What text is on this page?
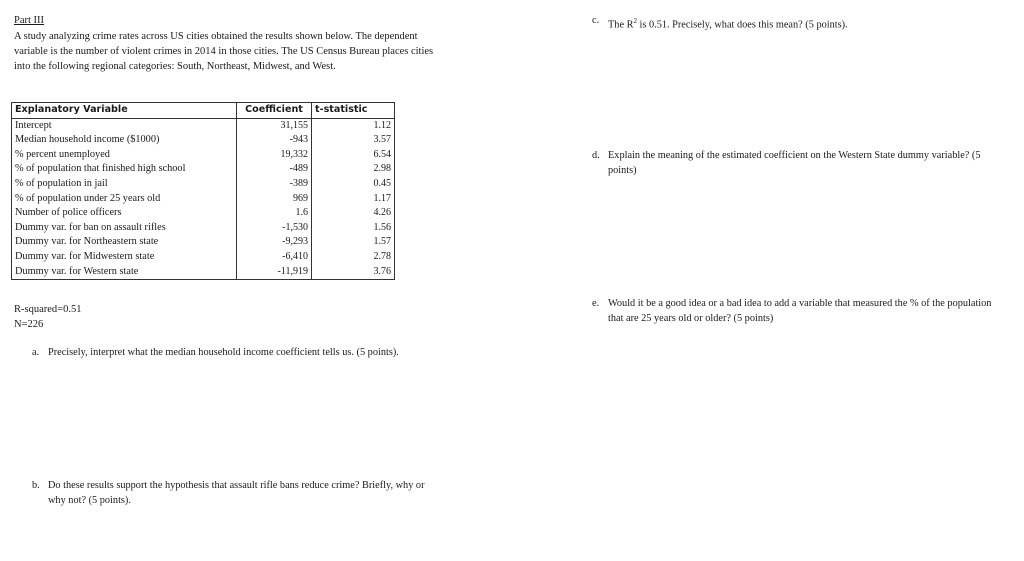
Part III

A study analyzing crime rates across US cities obtained the results shown below. The dependent variable is the number of violent crimes in 2014 in those cities. The US Census Bureau places cities into the following regional categories: South, Northeast, Midwest, and West.

Explanatory Variable	Coefficient	t-statistic
Intercept	31,155	1.12
Median household income ($1000)	-943	3.57
% percent unemployed	19,332	6.54
% of population that finished high school	-489	2.98
% of population in jail	-389	0.45
% of population under 25 years old	969	1.17
Number of police officers	1.6	4.26
Dummy var. for ban on assault rifles	-1,530	1.56
Dummy var. for Northeastern state	-9,293	1.57
Dummy var. for Midwestern state	-6,410	2.78
Dummy var. for Western state	-11,919	3.76
R-squared=0.51
N=226
a. Precisely, interpret what the median household income coefficient tells us. (5 points).
b. Do these results support the hypothesis that assault rifle bans reduce crime? Briefly, why or why not? (5 points).
c. The $R^2$ is 0.51. Precisely, what does this mean? (5 points).
d. Explain the meaning of the estimated coefficient on the Western State dummy variable? (5 points)
e. Would it be a good idea or a bad idea to add a variable that measured the % of the population that are 25 years old or older? (5 points)
